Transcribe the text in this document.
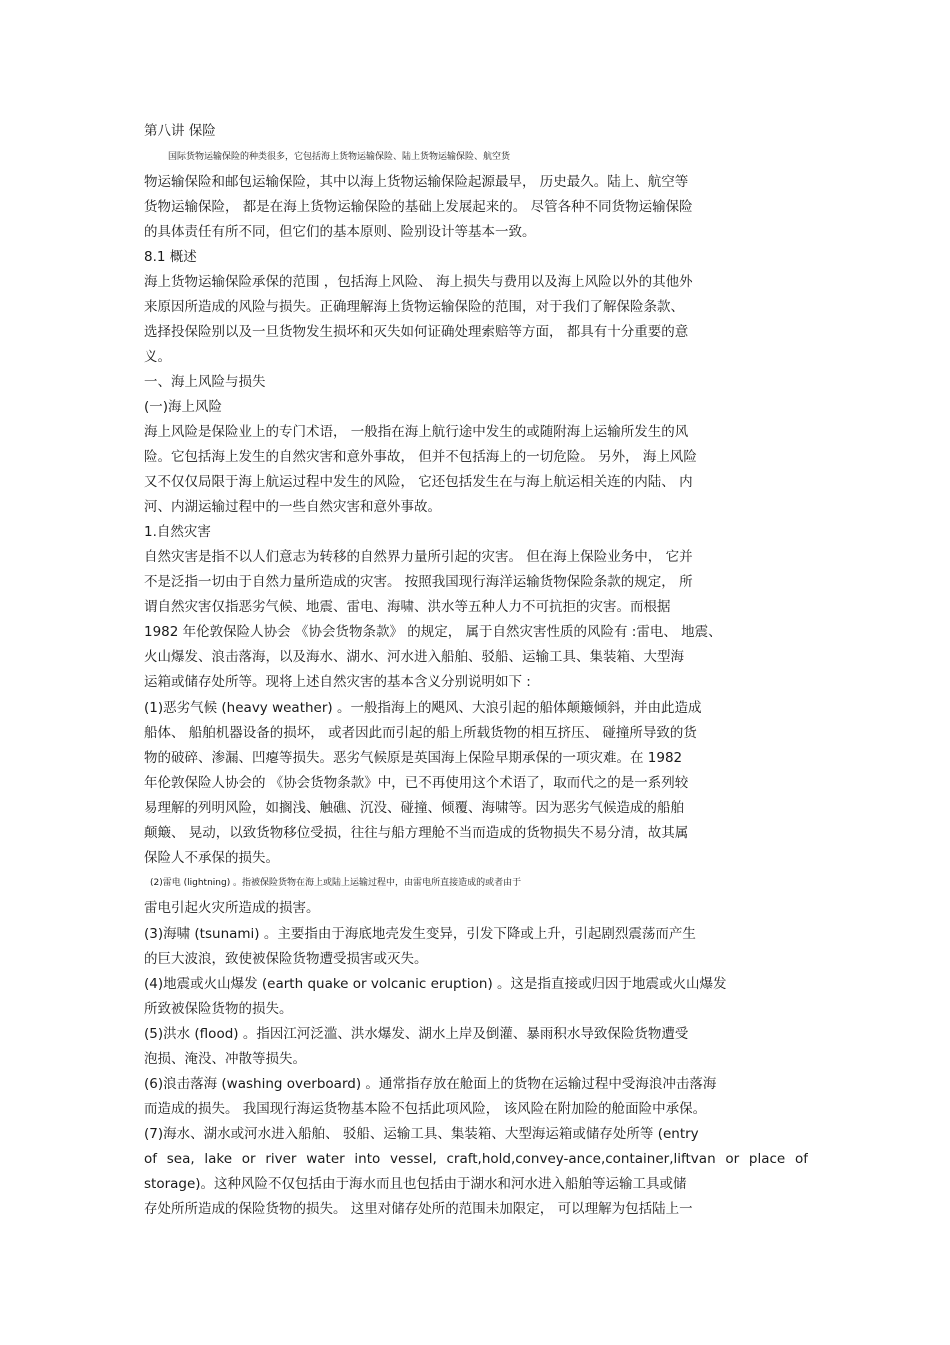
第八讲 保险

国际货物运输保险的种类很多，它包括海上货物运输保险、陆上货物运输保险、航空货

物运输保险和邮包运输保险，其中以海上货物运输保险起源最早， 历史最久。陆上、航空等

货物运输保险， 都是在海上货物运输保险的基础上发展起来的。 尽管各种不同货物运输保险

的具体责任有所不同，但它们的基本原则、险别设计等基本一致。

8.1 概述

海上货物运输保险承保的范围 ，包括海上风险、 海上损失与费用以及海上风险以外的其他外

来原因所造成的风险与损失。正确理解海上货物运输保险的范围，对于我们了解保险条款、

选择投保险别以及一旦货物发生损坏和灭失如何证确处理索赔等方面， 都具有十分重要的意

义。

一、海上风险与损失

(一)海上风险

海上风险是保险业上的专门术语， 一般指在海上航行途中发生的或随附海上运输所发生的风

险。它包括海上发生的自然灾害和意外事故， 但并不包括海上的一切危险。 另外， 海上风险

又不仅仅局限于海上航运过程中发生的风险， 它还包括发生在与海上航运相关连的内陆、 内

河、内湖运输过程中的一些自然灾害和意外事故。

1.自然灾害

自然灾害是指不以人们意志为转移的自然界力量所引起的灾害。 但在海上保险业务中， 它并

不是泛指一切由于自然力量所造成的灾害。 按照我国现行海洋运输货物保险条款的规定， 所

谓自然灾害仅指恶劣气候、地震、雷电、海啸、洪水等五种人力不可抗拒的灾害。而根据

1982 年伦敦保险人协会 《协会货物条款》 的规定， 属于自然灾害性质的风险有 :雷电、 地震、

火山爆发、浪击落海，以及海水、湖水、河水进入船舶、驳船、运输工具、集装箱、大型海

运箱或储存处所等。现将上述自然灾害的基本含义分别说明如下 :

(1)恶劣气候 (heavy weather) 。一般指海上的飓风、大浪引起的船体颠簸倾斜，并由此造成

船体、 船舶机器设备的损坏， 或者因此而引起的船上所载货物的相互挤压、 碰撞所导致的货

物的破碎、渗漏、凹瘪等损失。恶劣气候原是英国海上保险早期承保的一项灾难。在 1982

年伦敦保险人协会的 《协会货物条款》中，已不再使用这个术语了，取而代之的是一系列较

易理解的列明风险，如搁浅、触礁、沉没、碰撞、倾覆、海啸等。因为恶劣气候造成的船舶

颠簸、 晃动，以致货物移位受损，往往与船方理舱不当而造成的货物损失不易分清，故其属

保险人不承保的损失。

(2)雷电 (lightning) 。指被保险货物在海上或陆上运输过程中，由雷电所直接造成的或者由于

雷电引起火灾所造成的损害。

(3)海啸 (tsunami) 。主要指由于海底地壳发生变异，引发下降或上升，引起剧烈震荡而产生

的巨大波浪，致使被保险货物遭受损害或灭失。

(4)地震或火山爆发 (earth quake or volcanic eruption) 。这是指直接或归因于地震或火山爆发

所致被保险货物的损失。

(5)洪水 (flood) 。指因江河泛滥、洪水爆发、湖水上岸及倒灌、暴雨积水导致保险货物遭受

泡损、淹没、冲散等损失。

(6)浪击落海 (washing overboard) 。通常指存放在舱面上的货物在运输过程中受海浪冲击落海

而造成的损失。 我国现行海运货物基本险不包括此项风险， 该风险在附加险的舱面险中承保。

(7)海水、湖水或河水进入船舶、 驳船、运输工具、集装箱、大型海运箱或储存处所等 (entry

of sea, lake or river water into vessel, craft,hold,convey-ance,container,liftvan or place of

storage)。这种风险不仅包括由于海水而且也包括由于湖水和河水进入船舶等运输工具或储

存处所所造成的保险货物的损失。 这里对储存处所的范围未加限定， 可以理解为包括陆上一
